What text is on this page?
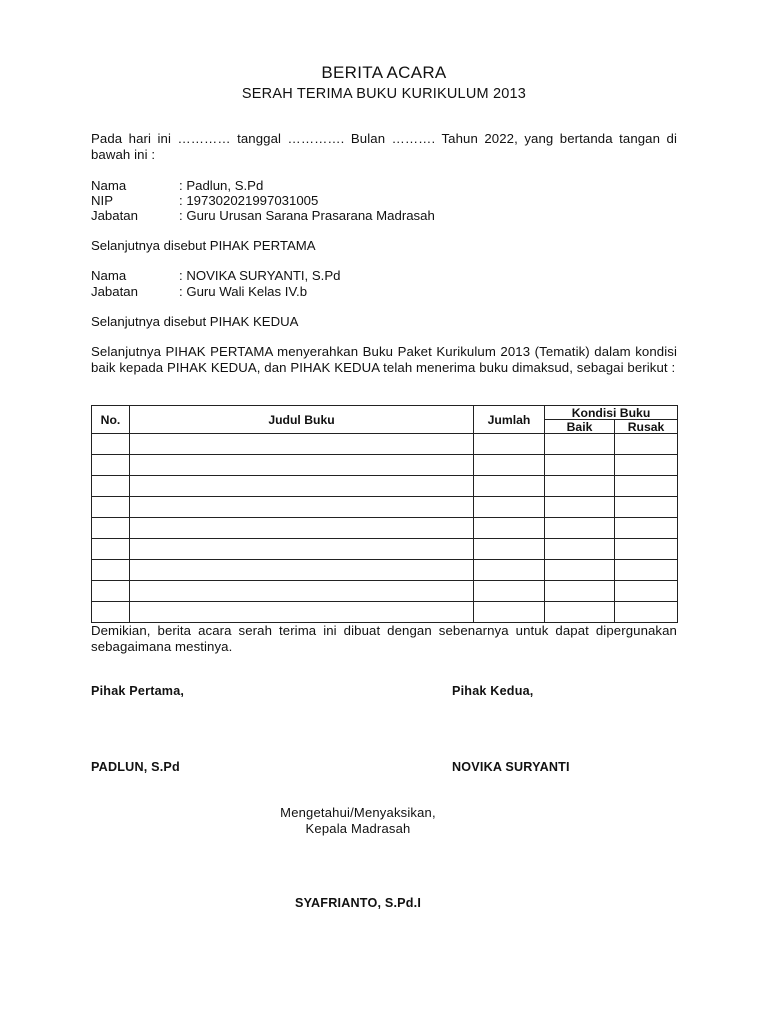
BERITA ACARA
SERAH TERIMA BUKU KURIKULUM 2013
Pada hari ini ………… tanggal …………. Bulan ………. Tahun 2022, yang bertanda tangan di bawah ini :
Nama	: Padlun, S.Pd
NIP	: 197302021997031005
Jabatan	: Guru Urusan Sarana Prasarana Madrasah
Selanjutnya disebut PIHAK PERTAMA
Nama	: NOVIKA SURYANTI, S.Pd
Jabatan	: Guru Wali Kelas IV.b
Selanjutnya disebut PIHAK KEDUA
Selanjutnya PIHAK PERTAMA menyerahkan Buku Paket Kurikulum 2013 (Tematik) dalam kondisi baik kepada PIHAK KEDUA, dan PIHAK KEDUA telah menerima buku dimaksud, sebagai berikut :
No.	Judul Buku	Jumlah	Kondisi Buku	
			Baik	Rusak

Demikian, berita acara serah terima ini dibuat dengan sebenarnya untuk dapat dipergunakan sebagaimana mestinya.
Pihak Pertama,	Pihak Kedua,
PADLUN, S.Pd	NOVIKA SURYANTI
Mengetahui/Menyaksikan,
Kepala Madrasah
SYAFRIANTO, S.Pd.I
